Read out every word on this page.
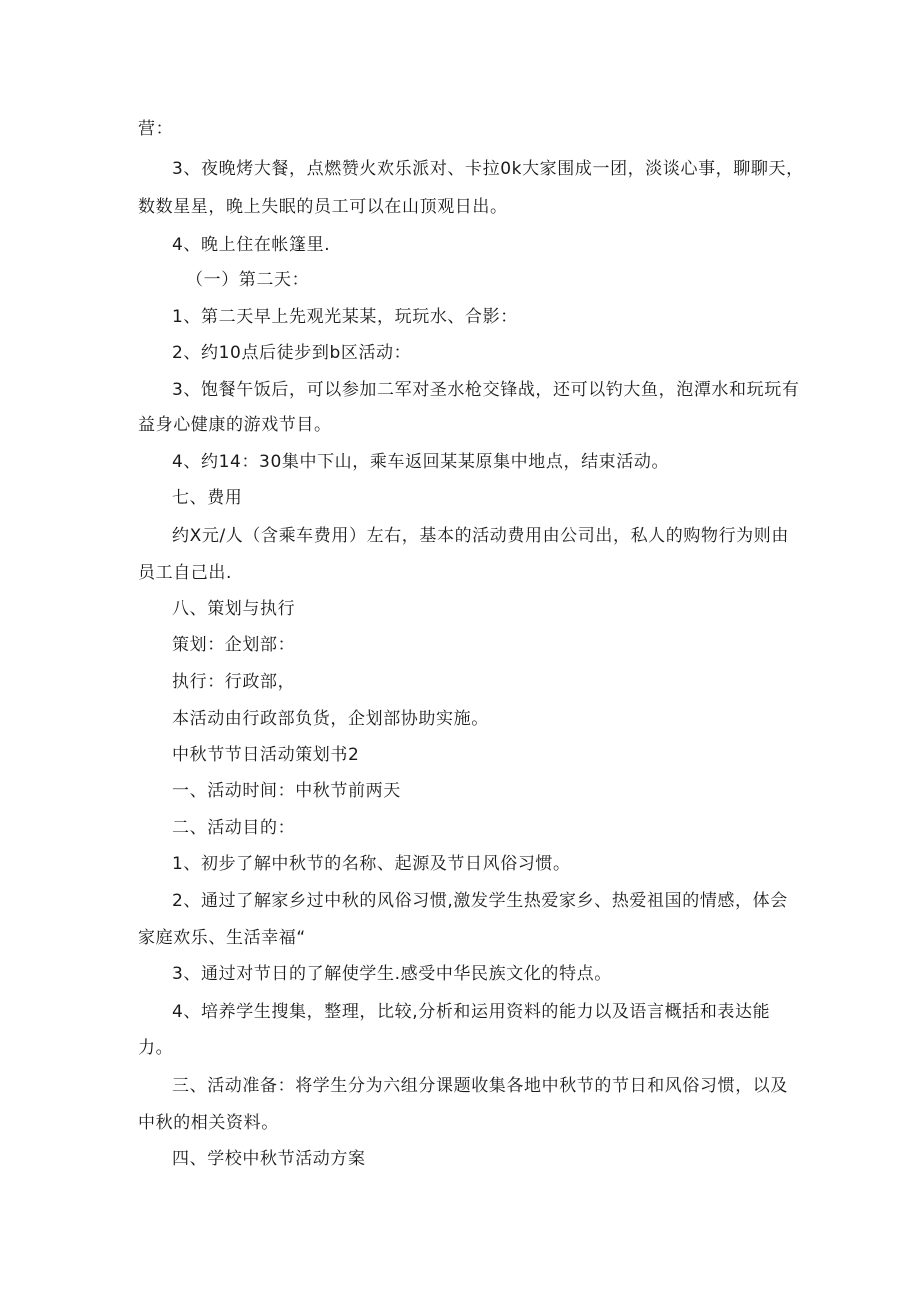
营：
3、夜晚烤大餐，点燃赞火欢乐派对、卡拉0k大家围成一团，淡谈心事，聊聊天，
数数星星，晚上失眠的员工可以在山顶观日出。
4、晚上住在帐篷里.
（一）第二天：
1、第二天早上先观光某某，玩玩水、合影：
2、约10点后徒步到b区活动：
3、饱餐午饭后，可以参加二军对圣水枪交锋战，还可以钓大鱼，泡潭水和玩玩有
益身心健康的游戏节目。
4、约14：30集中下山，乘车返回某某原集中地点，结束活动。
七、费用
约X元/人（含乘车费用）左右，基本的活动费用由公司出，私人的购物行为则由
员工自己出.
八、策划与执行
策划：企划部：
执行：行政部，
本活动由行政部负货，企划部协助实施。
中秋节节日活动策划书2
一、活动时间：中秋节前两天
二、活动目的：
1、初步了解中秋节的名称、起源及节日风俗习惯。
2、通过了解家乡过中秋的风俗习惯,激发学生热爱家乡、热爱祖国的情感，体会
家庭欢乐、生活幸福“
3、通过对节日的了解使学生.感受中华民族文化的特点。
4、培养学生搜集，整理，比较,分析和运用资料的能力以及语言概括和表达能
力。
三、活动准备：将学生分为六组分课题收集各地中秋节的节日和风俗习惯，以及
中秋的相关资料。
四、学校中秋节活动方案
